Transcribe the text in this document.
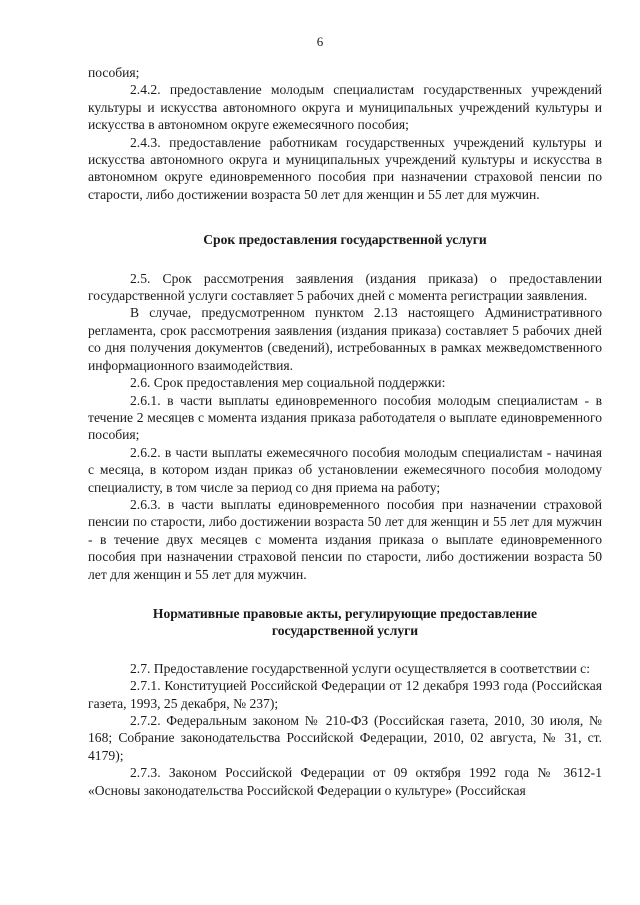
6

пособия;

2.4.2. предоставление молодым специалистам государственных учреждений культуры и искусства автономного округа и муниципальных учреждений культуры и искусства в автономном округе ежемесячного пособия;

2.4.3. предоставление работникам государственных учреждений культуры и искусства автономного округа и муниципальных учреждений культуры и искусства в автономном округе единовременного пособия при назначении страховой пенсии по старости, либо достижении возраста 50 лет для женщин и 55 лет для мужчин.

Срок предоставления государственной услуги

2.5. Срок рассмотрения заявления (издания приказа) о предоставлении государственной услуги составляет 5 рабочих дней с момента регистрации заявления.

В случае, предусмотренном пунктом 2.13 настоящего Административного регламента, срок рассмотрения заявления (издания приказа) составляет 5 рабочих дней со дня получения документов (сведений), истребованных в рамках межведомственного информационного взаимодействия.

2.6. Срок предоставления мер социальной поддержки:

2.6.1. в части выплаты единовременного пособия молодым специалистам - в течение 2 месяцев с момента издания приказа работодателя о выплате единовременного пособия;

2.6.2. в части выплаты ежемесячного пособия молодым специалистам - начиная с месяца, в котором издан приказ об установлении ежемесячного пособия молодому специалисту, в том числе за период со дня приема на работу;

2.6.3. в части выплаты единовременного пособия при назначении страховой пенсии по старости, либо достижении возраста 50 лет для женщин и 55 лет для мужчин - в течение двух месяцев с момента издания приказа о выплате единовременного пособия при назначении страховой пенсии по старости, либо достижении возраста 50 лет для женщин и 55 лет для мужчин.

Нормативные правовые акты, регулирующие предоставление

государственной услуги

2.7. Предоставление государственной услуги осуществляется в соответствии с:

2.7.1. Конституцией Российской Федерации от 12 декабря 1993 года (Российская газета, 1993, 25 декабря, № 237);

2.7.2. Федеральным законом № 210-ФЗ (Российская газета, 2010, 30 июля, № 168; Собрание законодательства Российской Федерации, 2010, 02 августа, № 31, ст. 4179);

2.7.3. Законом Российской Федерации от 09 октября 1992 года № 3612-1 «Основы законодательства Российской Федерации о культуре» (Российская
